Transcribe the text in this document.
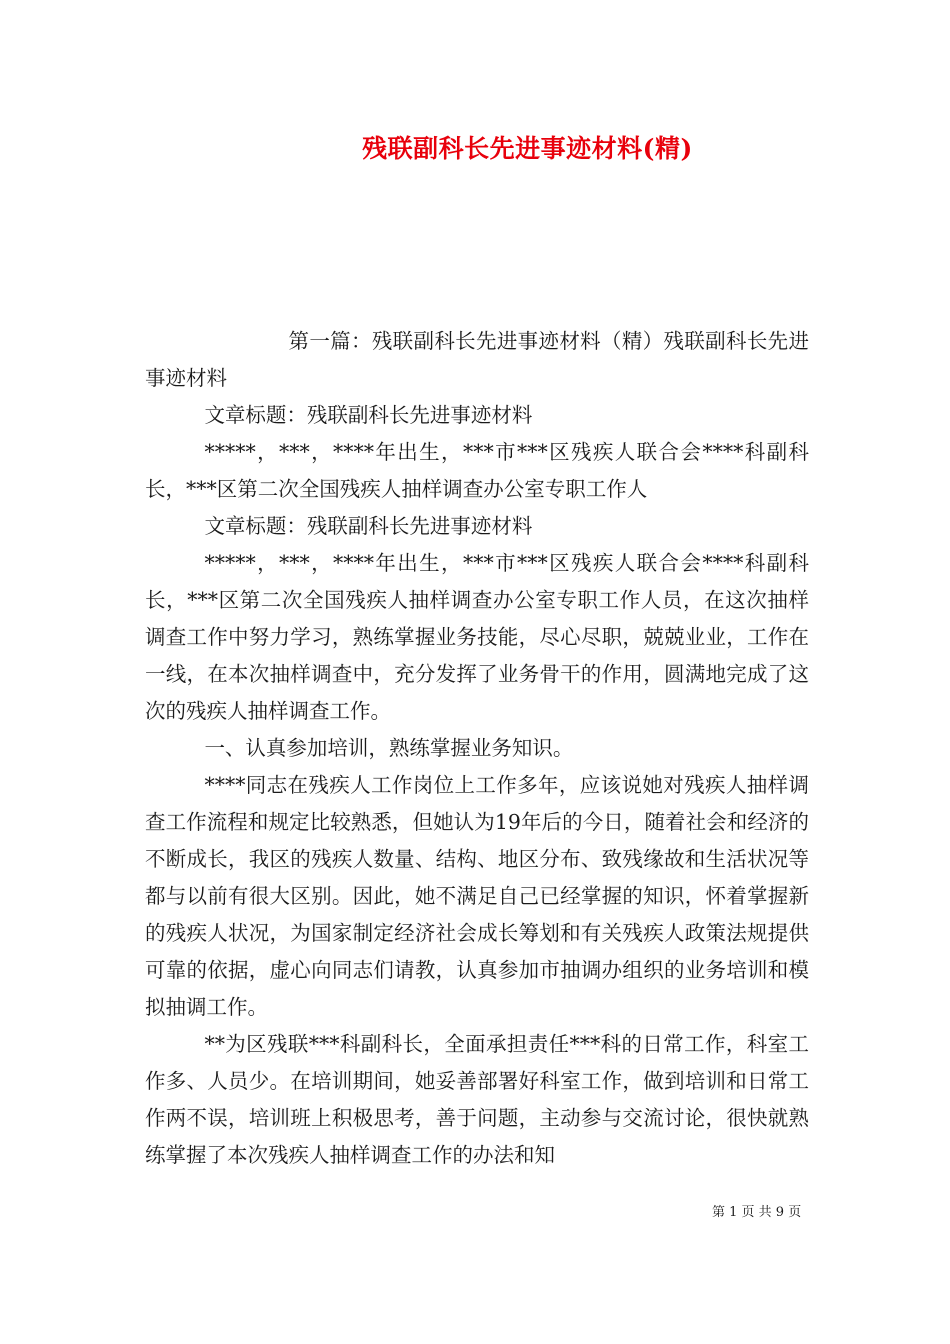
残联副科长先进事迹材料(精)

第一篇：残联副科长先进事迹材料（精）残联副科长先进事迹材料

文章标题：残联副科长先进事迹材料

*****，***，****年出生，***市***区残疾人联合会****科副科长，***区第二次全国残疾人抽样调查办公室专职工作人

文章标题：残联副科长先进事迹材料

*****，***，****年出生，***市***区残疾人联合会****科副科长，***区第二次全国残疾人抽样调查办公室专职工作人员，在这次抽样调查工作中努力学习，熟练掌握业务技能，尽心尽职，兢兢业业，工作在一线，在本次抽样调查中，充分发挥了业务骨干的作用，圆满地完成了这次的残疾人抽样调查工作。

一、认真参加培训，熟练掌握业务知识。

****同志在残疾人工作岗位上工作多年，应该说她对残疾人抽样调查工作流程和规定比较熟悉，但她认为19年后的今日，随着社会和经济的不断成长，我区的残疾人数量、结构、地区分布、致残缘故和生活状况等都与以前有很大区别。因此，她不满足自己已经掌握的知识，怀着掌握新的残疾人状况，为国家制定经济社会成长筹划和有关残疾人政策法规提供可靠的依据，虚心向同志们请教，认真参加市抽调办组织的业务培训和模拟抽调工作。

**为区残联***科副科长，全面承担责任***科的日常工作，科室工作多、人员少。在培训期间，她妥善部署好科室工作，做到培训和日常工作两不误，培训班上积极思考，善于问题，主动参与交流讨论，很快就熟练掌握了本次残疾人抽样调查工作的办法和知

第 1 页 共 9 页
